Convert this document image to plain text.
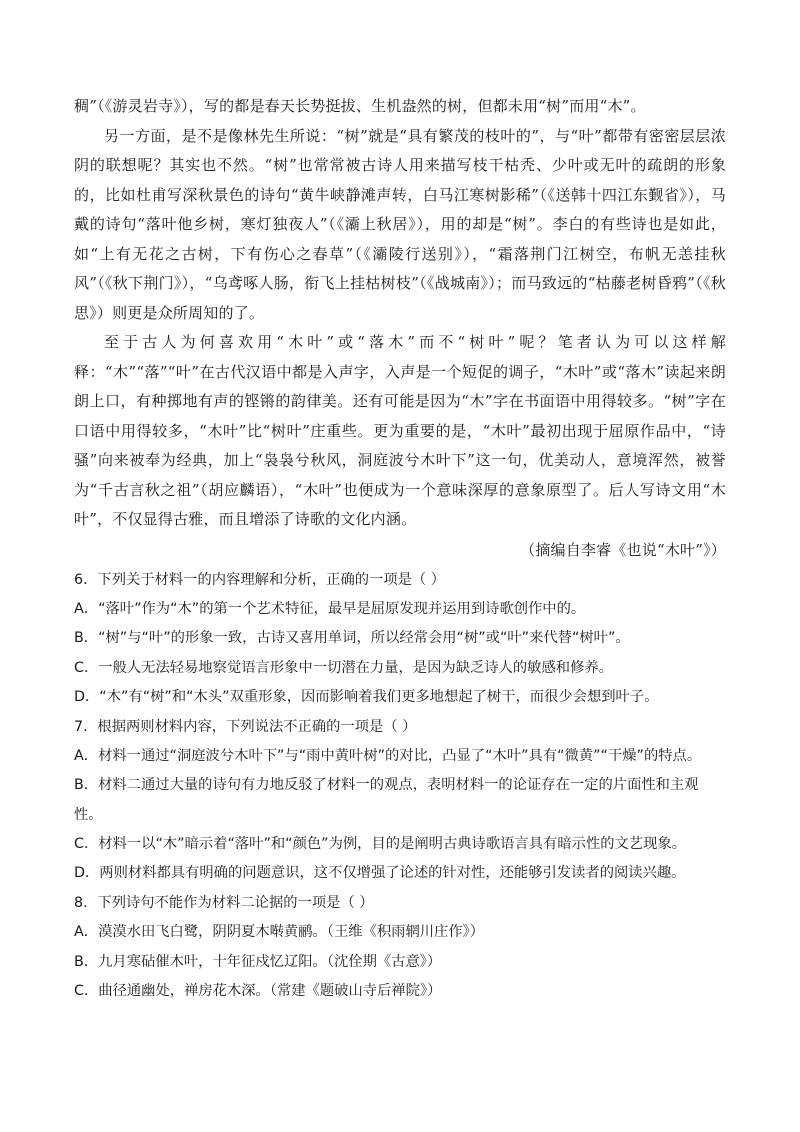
稠”（《游灵岩寺》），写的都是春天长势挺拔、生机盎然的树，但都未用“树”而用“木”。

另一方面，是不是像林先生所说：“树”就是“具有繁茂的枝叶的”，与“叶”都带有密密层层浓阴的联想呢？其实也不然。“树”也常常被古诗人用来描写枝干枯秃、少叶或无叶的疏朗的形象的，比如杜甫写深秋景色的诗句“黄牛峡静滩声转，白马江寒树影稀”（《送韩十四江东觐省》），马戴的诗句“落叶他乡树，寒灯独夜人”（《灞上秋居》），用的却是“树”。李白的有些诗也是如此，如“上有无花之古树，下有伤心之春草”（《灞陵行送别》），“霜落荆门江树空，布帆无恙挂秋风”（《秋下荆门》），“乌鸢啄人肠，衔飞上挂枯树枝”（《战城南》）；而马致远的“枯藤老树昏鸦”（《秋思》）则更是众所周知的了。

至于古人为何喜欢用“木叶”或“落木”而不“树叶”呢？笔者认为可以这样解释：“木”“落”“叶”在古代汉语中都是入声字，入声是一个短促的调子，“木叶”或“落木”读起来朗朗上口，有种掷地有声的铿锵的韵律美。还有可能是因为“木”字在书面语中用得较多。“树”字在口语中用得较多，“木叶”比“树叶”庄重些。更为重要的是，“木叶”最初出现于屈原作品中，“诗骚”向来被奉为经典，加上“袅袅兮秋风，洞庭波兮木叶下”这一句，优美动人，意境浑然，被誉为“千古言秋之祖”（胡应麟语），“木叶”也便成为一个意味深厚的意象原型了。后人写诗文用“木叶”，不仅显得古雅，而且增添了诗歌的文化内涵。

（摘编自李睿《也说“木叶”》）

6．下列关于材料一的内容理解和分析，正确的一项是（ ）

A．“落叶”作为“木”的第一个艺术特征，最早是屈原发现并运用到诗歌创作中的。

B．“树”与“叶”的形象一致，古诗又喜用单词，所以经常会用“树”或“叶”来代替“树叶”。

C．一般人无法轻易地察觉语言形象中一切潜在力量，是因为缺乏诗人的敏感和修养。

D．“木”有“树”和“木头”双重形象，因而影响着我们更多地想起了树干，而很少会想到叶子。

7．根据两则材料内容，下列说法不正确的一项是（ ）

A．材料一通过“洞庭波兮木叶下”与“雨中黄叶树”的对比，凸显了“木叶”具有“微黄”“干燥”的特点。

B．材料二通过大量的诗句有力地反驳了材料一的观点，表明材料一的论证存在一定的片面性和主观性。

C．材料一以“木”暗示着“落叶”和“颜色”为例，目的是阐明古典诗歌语言具有暗示性的文艺现象。

D．两则材料都具有明确的问题意识，这不仅增强了论述的针对性，还能够引发读者的阅读兴趣。

8．下列诗句不能作为材料二论据的一项是（ ）

A．漠漠水田飞白鹭，阴阴夏木啭黄鹂。（王维《积雨辋川庄作》）

B．九月寒砧催木叶，十年征戍忆辽阳。（沈佺期《古意》）

C．曲径通幽处，禅房花木深。（常建《题破山寺后禅院》）
